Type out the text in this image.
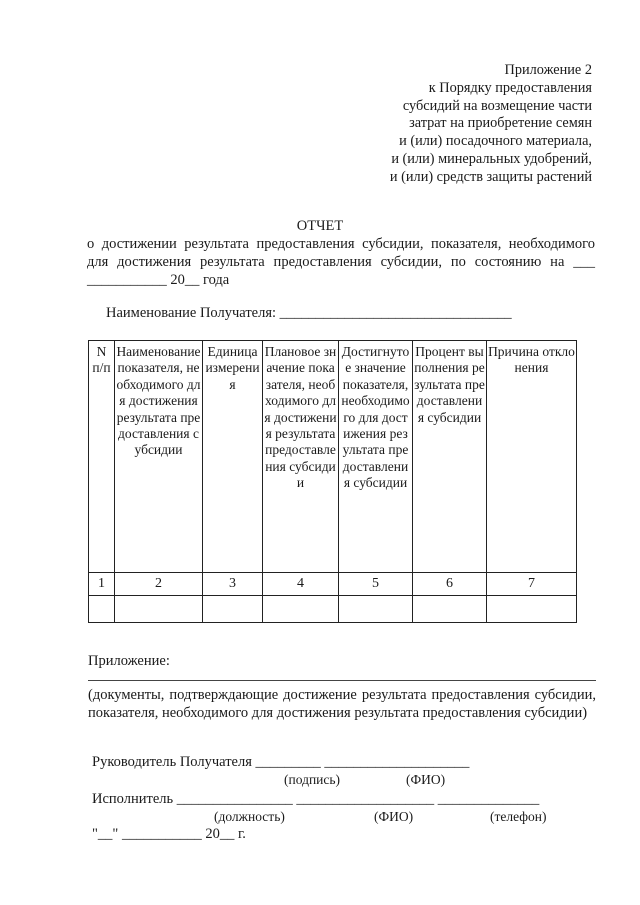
Приложение 2
к Порядку предоставления
субсидий на возмещение части
затрат на приобретение семян
и (или) посадочного материала,
и (или) минеральных удобрений,
и (или) средств защиты растений
ОТЧЕТ
о достижении результата предоставления субсидии, показателя, необходимого для достижения результата предоставления субсидии, по состоянию на ___ ___________ 20__ года
Наименование Получателя: ________________________________
N п/п	Наименование показателя, необходимого для достижения результата предоставления субсидии	Единица измерения	Плановое значение показателя, необходимого для достижения результата предоставления субсидии	Достигнутое значение показателя, необходимого для достижения результата предоставления субсидии	Процент выполнения результата предоставления субсидии	Причина отклонения
1	2	3	4	5	6	7

Приложение:
(документы, подтверждающие достижение результата предоставления субсидии, показателя, необходимого для достижения результата предоставления субсидии)
Руководитель Получателя _________ ____________________
(подпись)	(ФИО)
Исполнитель ________________ ___________________ ______________
(должность)	(ФИО)	(телефон)
"__" ___________ 20__ г.
